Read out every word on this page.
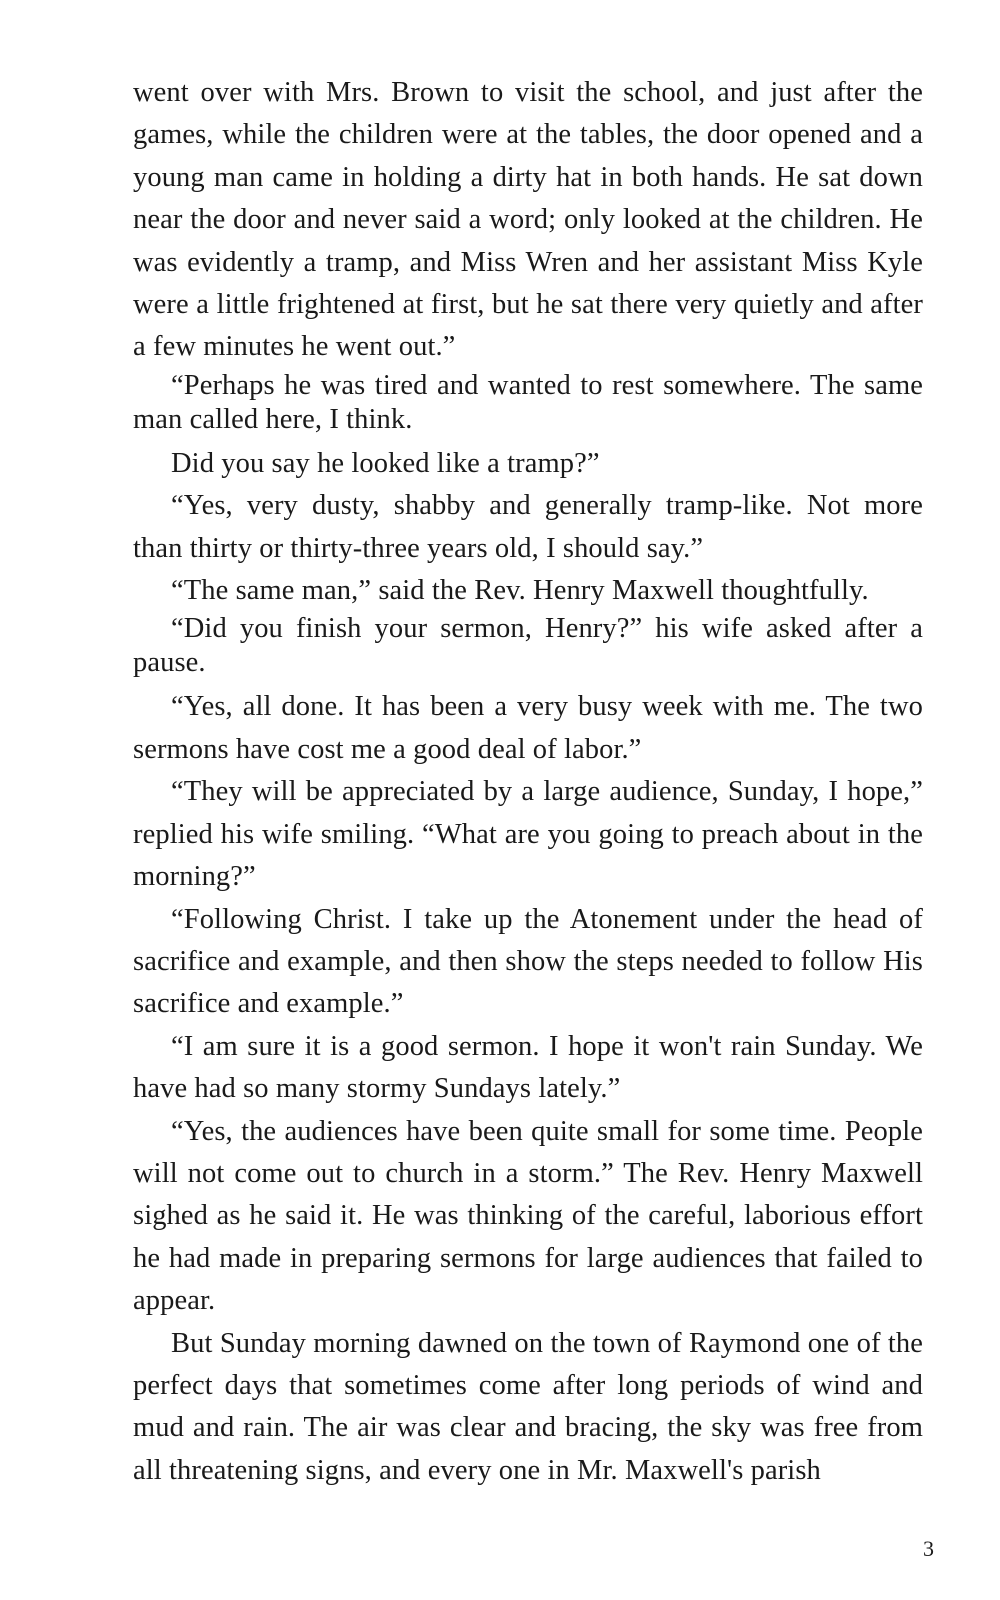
went over with Mrs. Brown to visit the school, and just after the games, while the children were at the tables, the door opened and a young man came in holding a dirty hat in both hands. He sat down near the door and never said a word; only looked at the children. He was evidently a tramp, and Miss Wren and her assistant Miss Kyle were a little frightened at first, but he sat there very quietly and after a few minutes he went out.”

“Perhaps he was tired and wanted to rest somewhere. The same man called here, I think.

Did you say he looked like a tramp?”

“Yes, very dusty, shabby and generally tramp-like. Not more than thirty or thirty-three years old, I should say.”

“The same man,” said the Rev. Henry Maxwell thoughtfully.

“Did you finish your sermon, Henry?” his wife asked after a pause.

“Yes, all done. It has been a very busy week with me. The two sermons have cost me a good deal of labor.”

“They will be appreciated by a large audience, Sunday, I hope,” replied his wife smiling. “What are you going to preach about in the morning?”

“Following Christ. I take up the Atonement under the head of sacrifice and example, and then show the steps needed to follow His sacrifice and example.”

“I am sure it is a good sermon. I hope it won't rain Sunday. We have had so many stormy Sundays lately.”

“Yes, the audiences have been quite small for some time. People will not come out to church in a storm.” The Rev. Henry Maxwell sighed as he said it. He was thinking of the careful, laborious effort he had made in preparing sermons for large audiences that failed to appear.

But Sunday morning dawned on the town of Raymond one of the perfect days that sometimes come after long periods of wind and mud and rain. The air was clear and bracing, the sky was free from all threatening signs, and every one in Mr. Maxwell's parish

3
